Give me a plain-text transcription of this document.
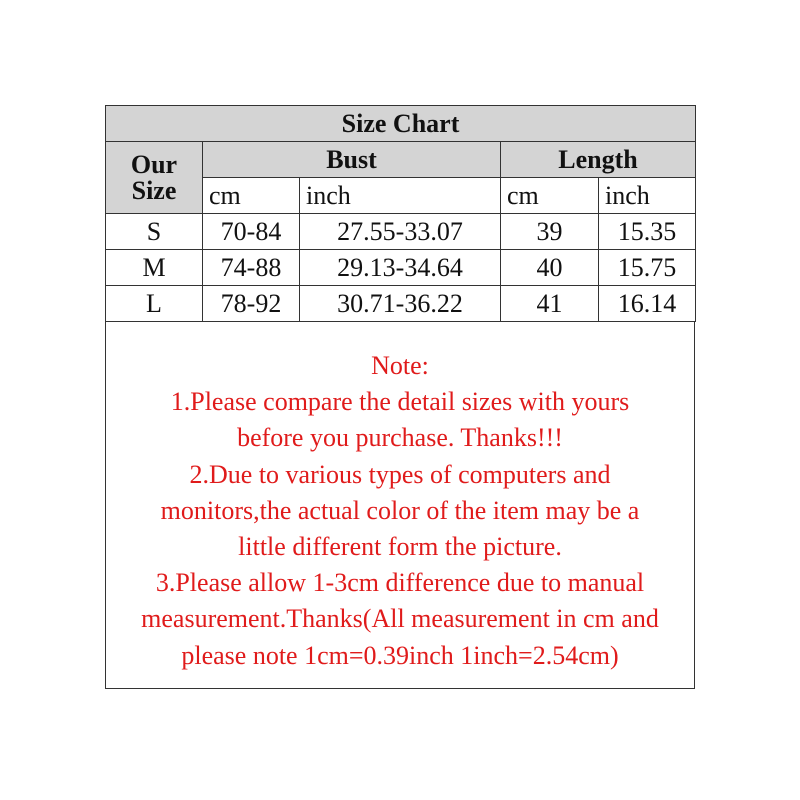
Size Chart				
Our
Size	Bust		Length	
	cm	inch	cm	inch
S	70-84	27.55-33.07	39	15.35
M	74-88	29.13-34.64	40	15.75
L	78-92	30.71-36.22	41	16.14
Note:
1.Please compare the detail sizes with yours
before you purchase. Thanks!!!
2.Due to various types of computers and
monitors,the actual color of the item may be a
little different form the picture.
3.Please allow 1-3cm difference due to manual
measurement.Thanks(All measurement in cm and
please note 1cm=0.39inch 1inch=2.54cm)
